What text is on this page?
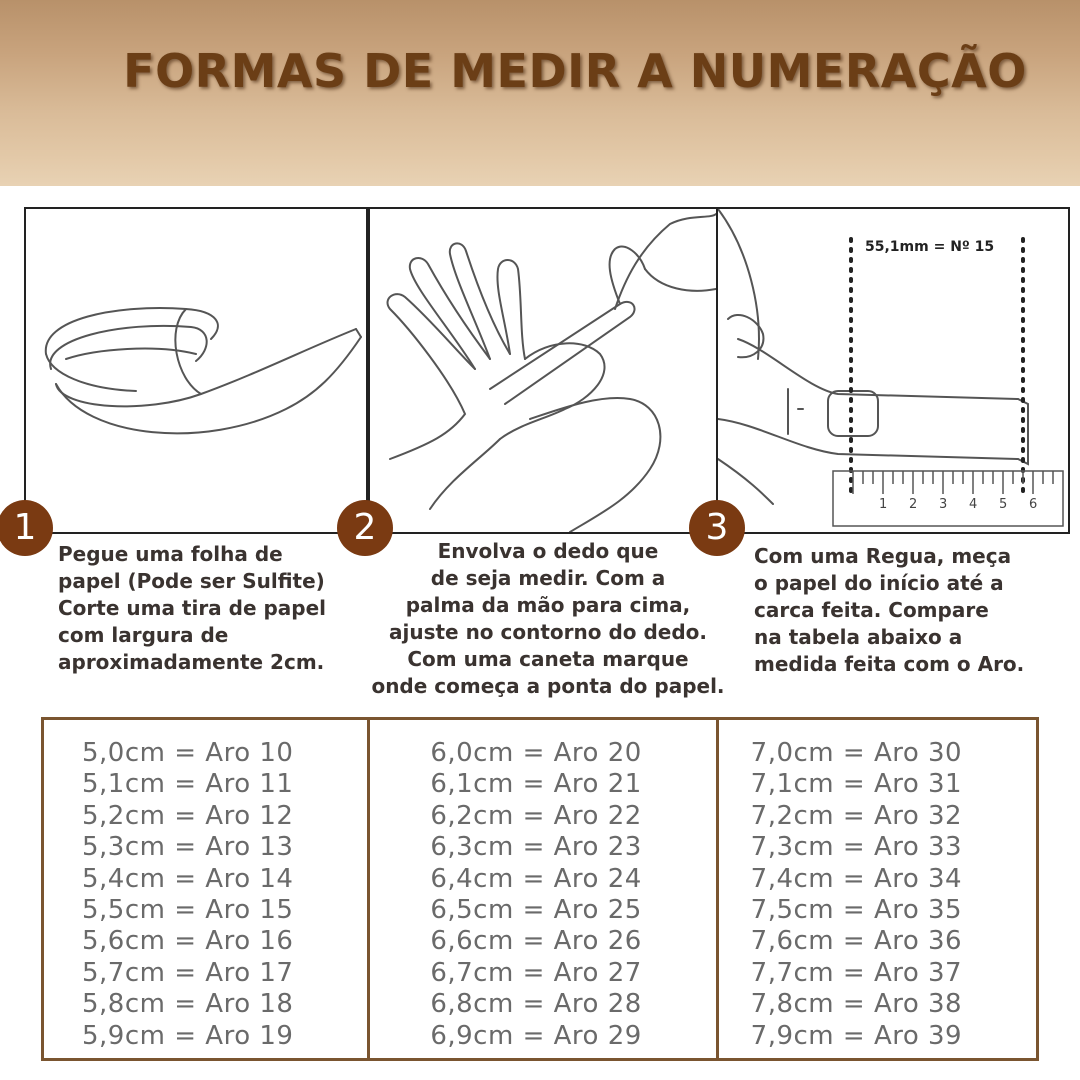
FORMAS DE MEDIR A NUMERAÇÃO
1 2 3 4 5 6
55,1mm = Nº 15
1	2	3
Pegue uma folha de
papel (Pode ser Sulfite)
Corte uma tira de papel
com largura de
aproximadamente 2cm.
Envolva o dedo que
de seja medir. Com a
palma da mão para cima,
ajuste no contorno do dedo.
Com uma caneta marque
onde começa a ponta do papel.
Com uma Regua, meça
o papel do início até a
carca feita. Compare
na tabela abaixo a
medida feita com o Aro.
5,0cm = Aro 10
5,1cm = Aro 11
5,2cm = Aro 12
5,3cm = Aro 13
5,4cm = Aro 14
5,5cm = Aro 15
5,6cm = Aro 16
5,7cm = Aro 17
5,8cm = Aro 18
5,9cm = Aro 19
6,0cm = Aro 20
6,1cm = Aro 21
6,2cm = Aro 22
6,3cm = Aro 23
6,4cm = Aro 24
6,5cm = Aro 25
6,6cm = Aro 26
6,7cm = Aro 27
6,8cm = Aro 28
6,9cm = Aro 29
7,0cm = Aro 30
7,1cm = Aro 31
7,2cm = Aro 32
7,3cm = Aro 33
7,4cm = Aro 34
7,5cm = Aro 35
7,6cm = Aro 36
7,7cm = Aro 37
7,8cm = Aro 38
7,9cm = Aro 39
